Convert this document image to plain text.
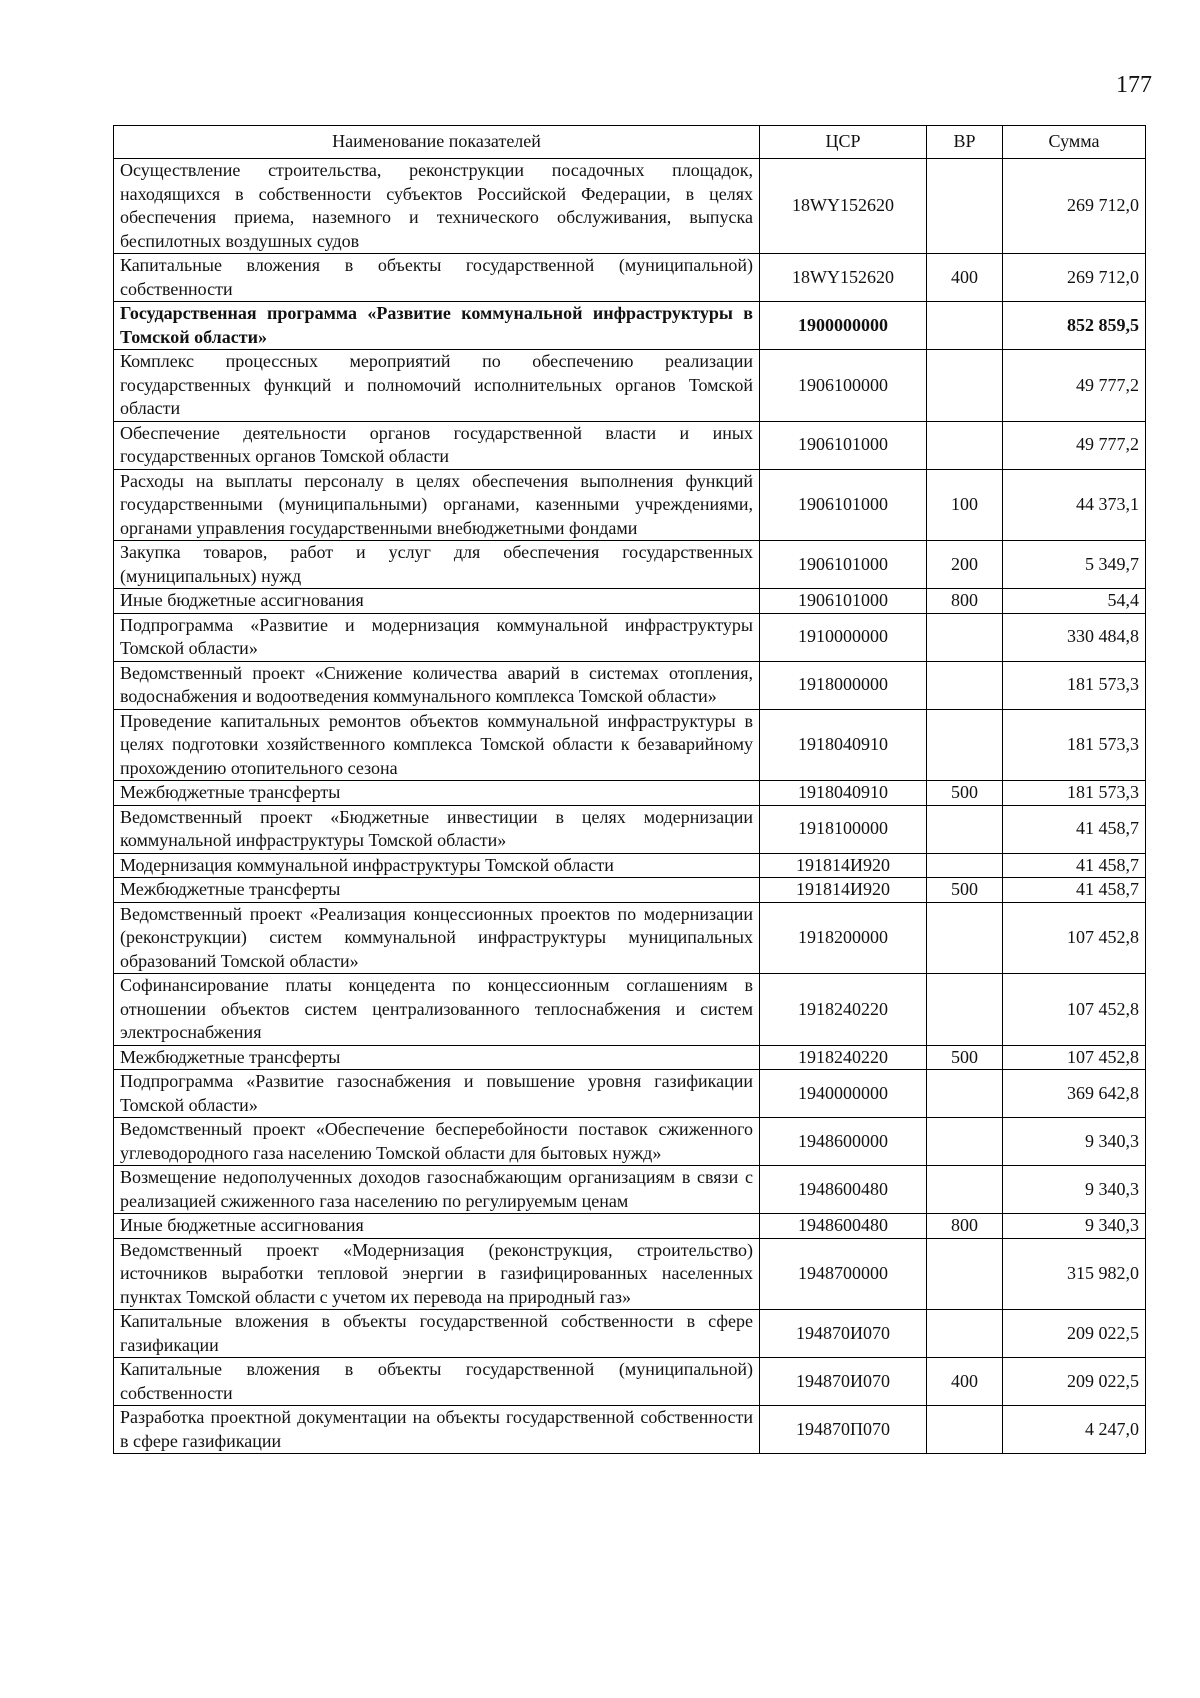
177
Наименование показателей	ЦСР	ВР	Сумма
Осуществление строительства, реконструкции посадочных площадок, находящихся в собственности субъектов Российской Федерации, в целях обеспечения приема, наземного и технического обслуживания, выпуска беспилотных воздушных судов	18WY152620		269 712,0
Капитальные вложения в объекты государственной (муниципальной) собственности	18WY152620	400	269 712,0
Государственная программа «Развитие коммунальной инфраструктуры в Томской области»	1900000000		852 859,5
Комплекс процессных мероприятий по обеспечению реализации государственных функций и полномочий исполнительных органов Томской области	1906100000		49 777,2
Обеспечение деятельности органов государственной власти и иных государственных органов Томской области	1906101000		49 777,2
Расходы на выплаты персоналу в целях обеспечения выполнения функций государственными (муниципальными) органами, казенными учреждениями, органами управления государственными внебюджетными фондами	1906101000	100	44 373,1
Закупка товаров, работ и услуг для обеспечения государственных (муниципальных) нужд	1906101000	200	5 349,7
Иные бюджетные ассигнования	1906101000	800	54,4
Подпрограмма «Развитие и модернизация коммунальной инфраструктуры Томской области»	1910000000		330 484,8
Ведомственный проект «Снижение количества аварий в системах отопления, водоснабжения и водоотведения коммунального комплекса Томской области»	1918000000		181 573,3
Проведение капитальных ремонтов объектов коммунальной инфраструктуры в целях подготовки хозяйственного комплекса Томской области к безаварийному прохождению отопительного сезона	1918040910		181 573,3
Межбюджетные трансферты	1918040910	500	181 573,3
Ведомственный проект «Бюджетные инвестиции в целях модернизации коммунальной инфраструктуры Томской области»	1918100000		41 458,7
Модернизация коммунальной инфраструктуры Томской области	191814И920		41 458,7
Межбюджетные трансферты	191814И920	500	41 458,7
Ведомственный проект «Реализация концессионных проектов по модернизации (реконструкции) систем коммунальной инфраструктуры муниципальных образований Томской области»	1918200000		107 452,8
Софинансирование платы концедента по концессионным соглашениям в отношении объектов систем централизованного теплоснабжения и систем электроснабжения	1918240220		107 452,8
Межбюджетные трансферты	1918240220	500	107 452,8
Подпрограмма «Развитие газоснабжения и повышение уровня газификации Томской области»	1940000000		369 642,8
Ведомственный проект «Обеспечение бесперебойности поставок сжиженного углеводородного газа населению Томской области для бытовых нужд»	1948600000		9 340,3
Возмещение недополученных доходов газоснабжающим организациям в связи с реализацией сжиженного газа населению по регулируемым ценам	1948600480		9 340,3
Иные бюджетные ассигнования	1948600480	800	9 340,3
Ведомственный проект «Модернизация (реконструкция, строительство) источников выработки тепловой энергии в газифицированных населенных пунктах Томской области с учетом их перевода на природный газ»	1948700000		315 982,0
Капитальные вложения в объекты государственной собственности в сфере газификации	194870И070		209 022,5
Капитальные вложения в объекты государственной (муниципальной) собственности	194870И070	400	209 022,5
Разработка проектной документации на объекты государственной собственности в сфере газификации	194870П070		4 247,0
